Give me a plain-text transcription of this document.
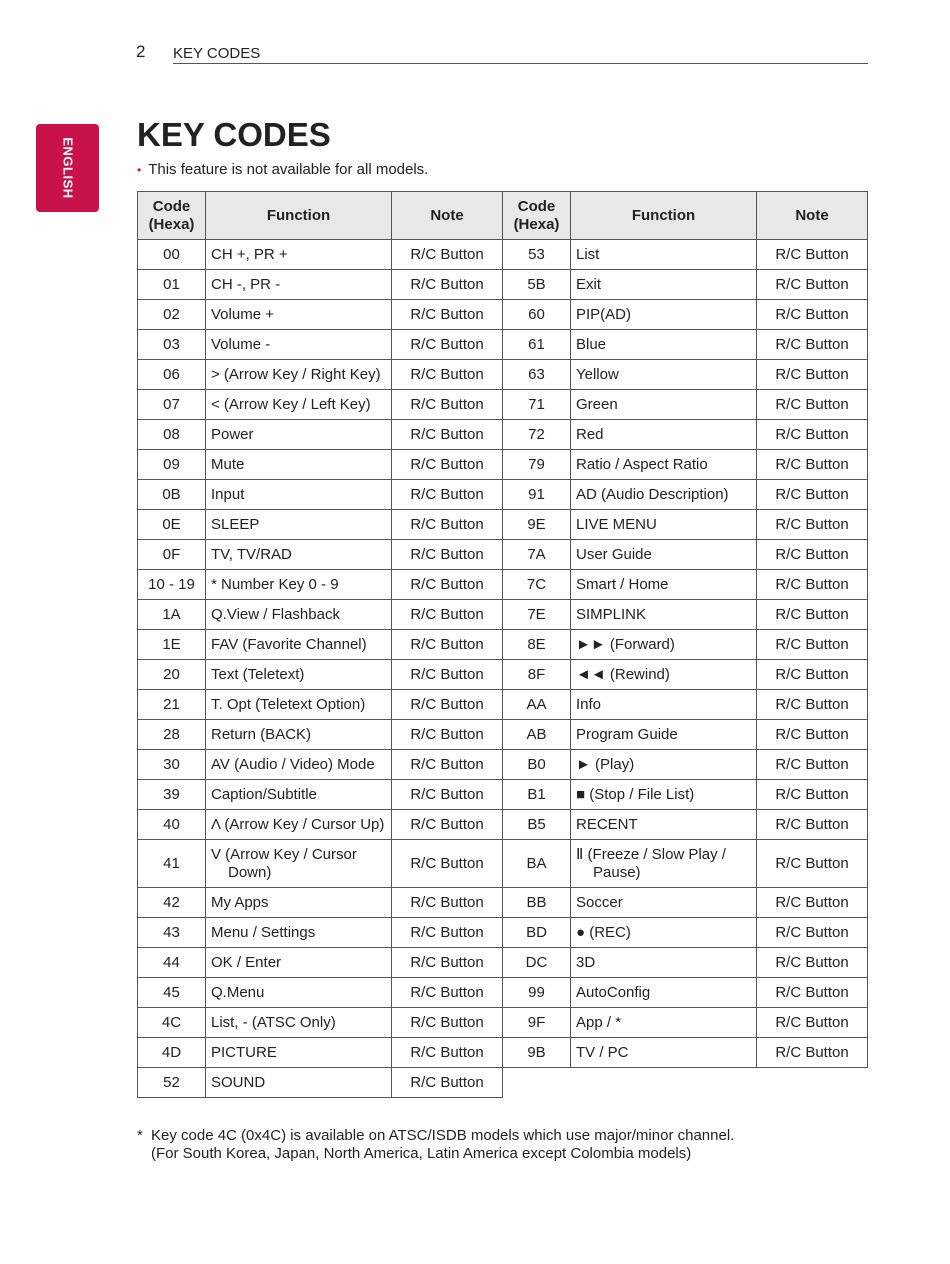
2 KEY CODES
ENGLISH
KEY CODES
• This feature is not available for all models.
Code (Hexa)	Function	Note	Code (Hexa)	Function	Note
00	CH +, PR +	R/C Button	53	List	R/C Button
01	CH -, PR -	R/C Button	5B	Exit	R/C Button
02	Volume +	R/C Button	60	PIP(AD)	R/C Button
03	Volume -	R/C Button	61	Blue	R/C Button
06	> (Arrow Key / Right Key)	R/C Button	63	Yellow	R/C Button
07	< (Arrow Key / Left Key)	R/C Button	71	Green	R/C Button
08	Power	R/C Button	72	Red	R/C Button
09	Mute	R/C Button	79	Ratio / Aspect Ratio	R/C Button
0B	Input	R/C Button	91	AD (Audio Description)	R/C Button
0E	SLEEP	R/C Button	9E	LIVE MENU	R/C Button
0F	TV, TV/RAD	R/C Button	7A	User Guide	R/C Button
10 - 19	* Number Key 0 - 9	R/C Button	7C	Smart / Home	R/C Button
1A	Q.View / Flashback	R/C Button	7E	SIMPLINK	R/C Button
1E	FAV (Favorite Channel)	R/C Button	8E	►► (Forward)	R/C Button
20	Text (Teletext)	R/C Button	8F	◄◄ (Rewind)	R/C Button
21	T. Opt (Teletext Option)	R/C Button	AA	Info	R/C Button
28	Return (BACK)	R/C Button	AB	Program Guide	R/C Button
30	AV (Audio / Video) Mode	R/C Button	B0	► (Play)	R/C Button
39	Caption/Subtitle	R/C Button	B1	■ (Stop / File List)	R/C Button
40	Λ (Arrow Key / Cursor Up)	R/C Button	B5	RECENT	R/C Button
41	V (Arrow Key / Cursor Down)	R/C Button	BA	Ⅱ (Freeze / Slow Play / Pause)	R/C Button
42	My Apps	R/C Button	BB	Soccer	R/C Button
43	Menu / Settings	R/C Button	BD	● (REC)	R/C Button
44	OK / Enter	R/C Button	DC	3D	R/C Button
45	Q.Menu	R/C Button	99	AutoConfig	R/C Button
4C	List, - (ATSC Only)	R/C Button	9F	App / *	R/C Button
4D	PICTURE	R/C Button	9B	TV / PC	R/C Button
52	SOUND	R/C Button			
* Key code 4C (0x4C) is available on ATSC/ISDB models which use major/minor channel.
(For South Korea, Japan, North America, Latin America except Colombia models)
